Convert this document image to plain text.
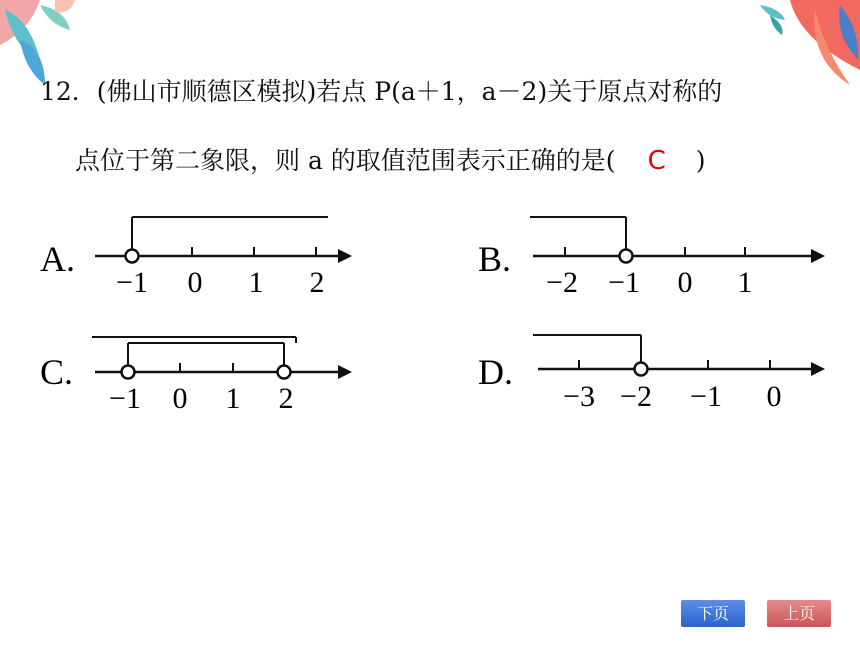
12．(佛山市顺德区模拟)若点 P(a＋1，a－2)关于原点对称的
点位于第二象限，则 a 的取值范围表示正确的是( C )
A.
−1 0 1 2
B.
−2 −1 0 1
C.
−1 0 1 2
D.
−3 −2 −1 0
下页	上页
